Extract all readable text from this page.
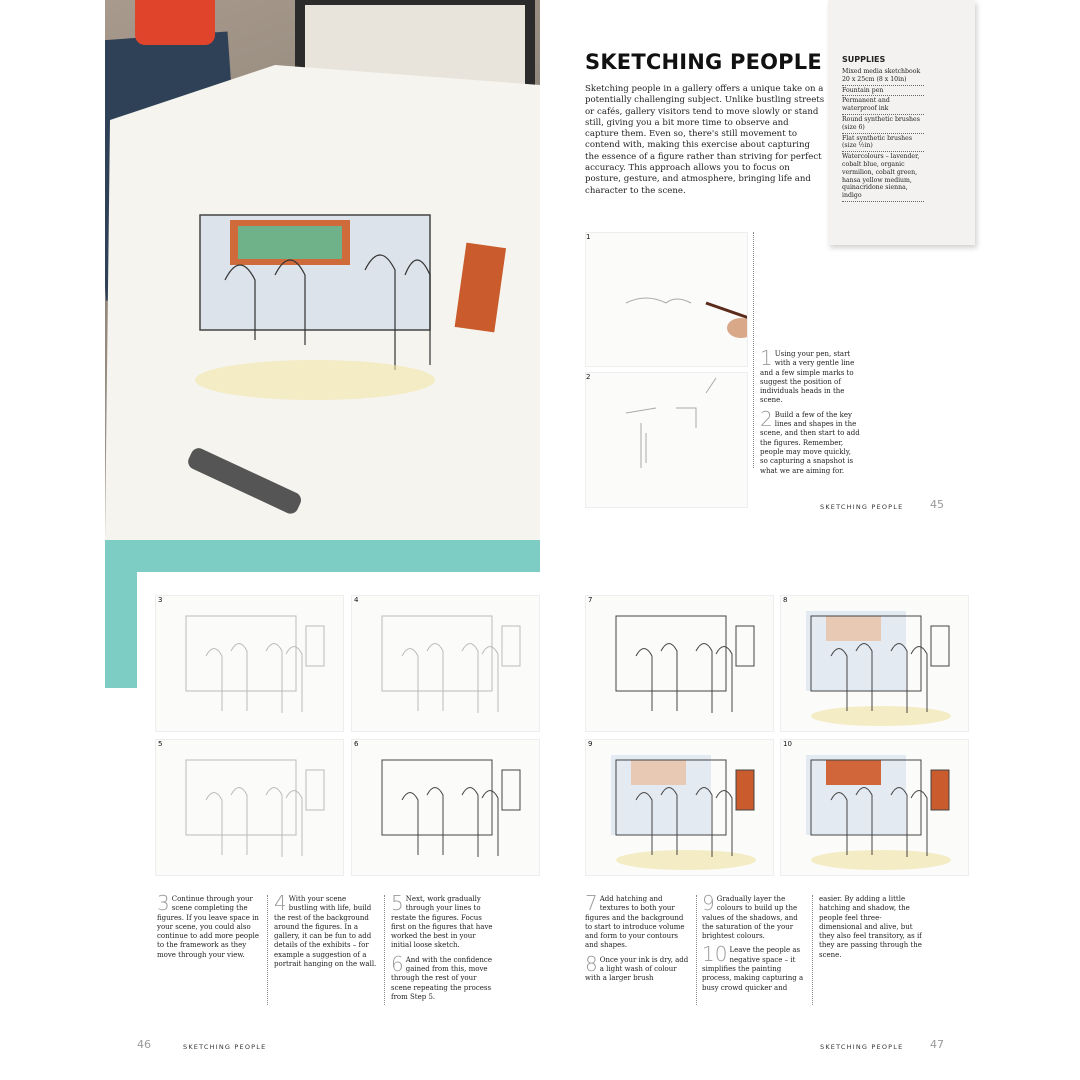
SKETCHING PEOPLE
Sketching people in a gallery offers a unique take on a potentially challenging subject. Unlike bustling streets or cafés, gallery visitors tend to move slowly or stand still, giving you a bit more time to observe and capture them. Even so, there's still movement to contend with, making this exercise about capturing the essence of a figure rather than striving for perfect accuracy. This approach allows you to focus on posture, gesture, and atmosphere, bringing life and character to the scene.
SUPPLIES
Mixed media sketchbook 20 x 25cm (8 x 10in)
Fountain pen
Permanent and waterproof ink
Round synthetic brushes (size 6)
Flat synthetic brushes (size ½in)
Watercolours – lavender, cobalt blue, organic vermilion, cobalt green, hansa yellow medium, quinacridone sienna, indigo
1
2
1 Using your pen, start with a very gentle line and a few simple marks to suggest the position of individuals heads in the scene.
2 Build a few of the key lines and shapes in the scene, and then start to add the figures. Remember, people may move quickly, so capturing a snapshot is what we are aiming for.
SKETCHING PEOPLE 45
3	4
5	6
7	8
9	10
3 Continue through your scene completing the figures. If you leave space in your scene, you could also continue to add more people to the framework as they move through your view.
4 With your scene bustling with life, build the rest of the background around the figures. In a gallery, it can be fun to add details of the exhibits – for example a suggestion of a portrait hanging on the wall.
5 Next, work gradually through your lines to restate the figures. Focus first on the figures that have worked the best in your initial loose sketch.
6 And with the confidence gained from this, move through the rest of your scene repeating the process from Step 5.
7 Add hatching and textures to both your figures and the background to start to introduce volume and form to your contours and shapes.
8 Once your ink is dry, add a light wash of colour with a larger brush
9 Gradually layer the colours to build up the values of the shadows, and the saturation of the your brightest colours.
10 Leave the people as negative space – it simplifies the painting process, making capturing a busy crowd quicker and
easier. By adding a little hatching and shadow, the people feel three-dimensional and alive, but they also feel transitory, as if they are passing through the scene.
46	SKETCHING PEOPLE	SKETCHING PEOPLE 47
